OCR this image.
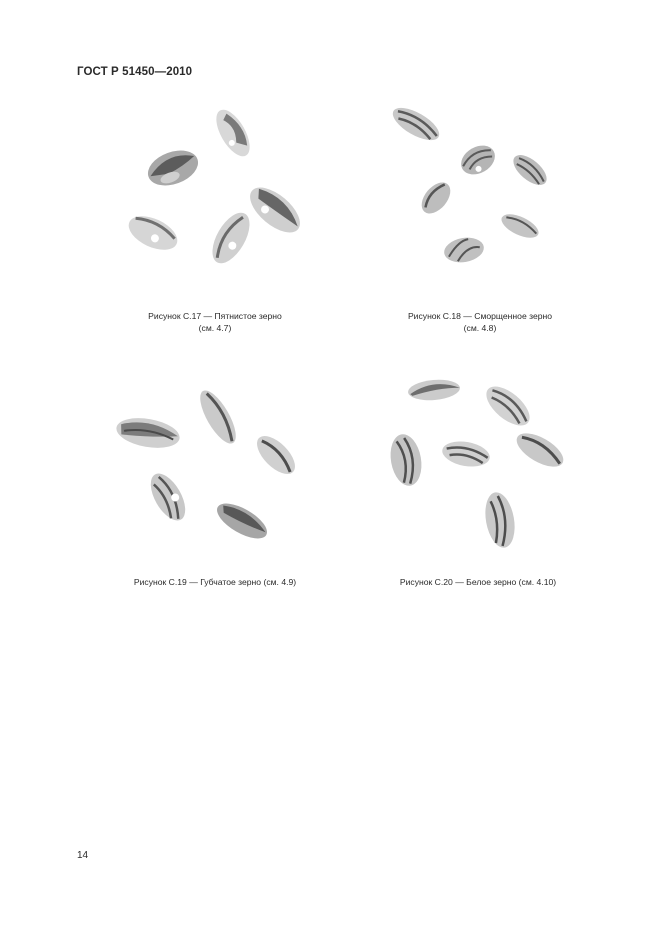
ГОСТ Р 51450—2010
Рисунок С.17 — Пятнистое зерно
(см. 4.7)
Рисунок С.18 — Сморщенное зерно
(см. 4.8)
Рисунок С.19 — Губчатое зерно (см. 4.9)	Рисунок С.20 — Белое зерно (см. 4.10)
14
